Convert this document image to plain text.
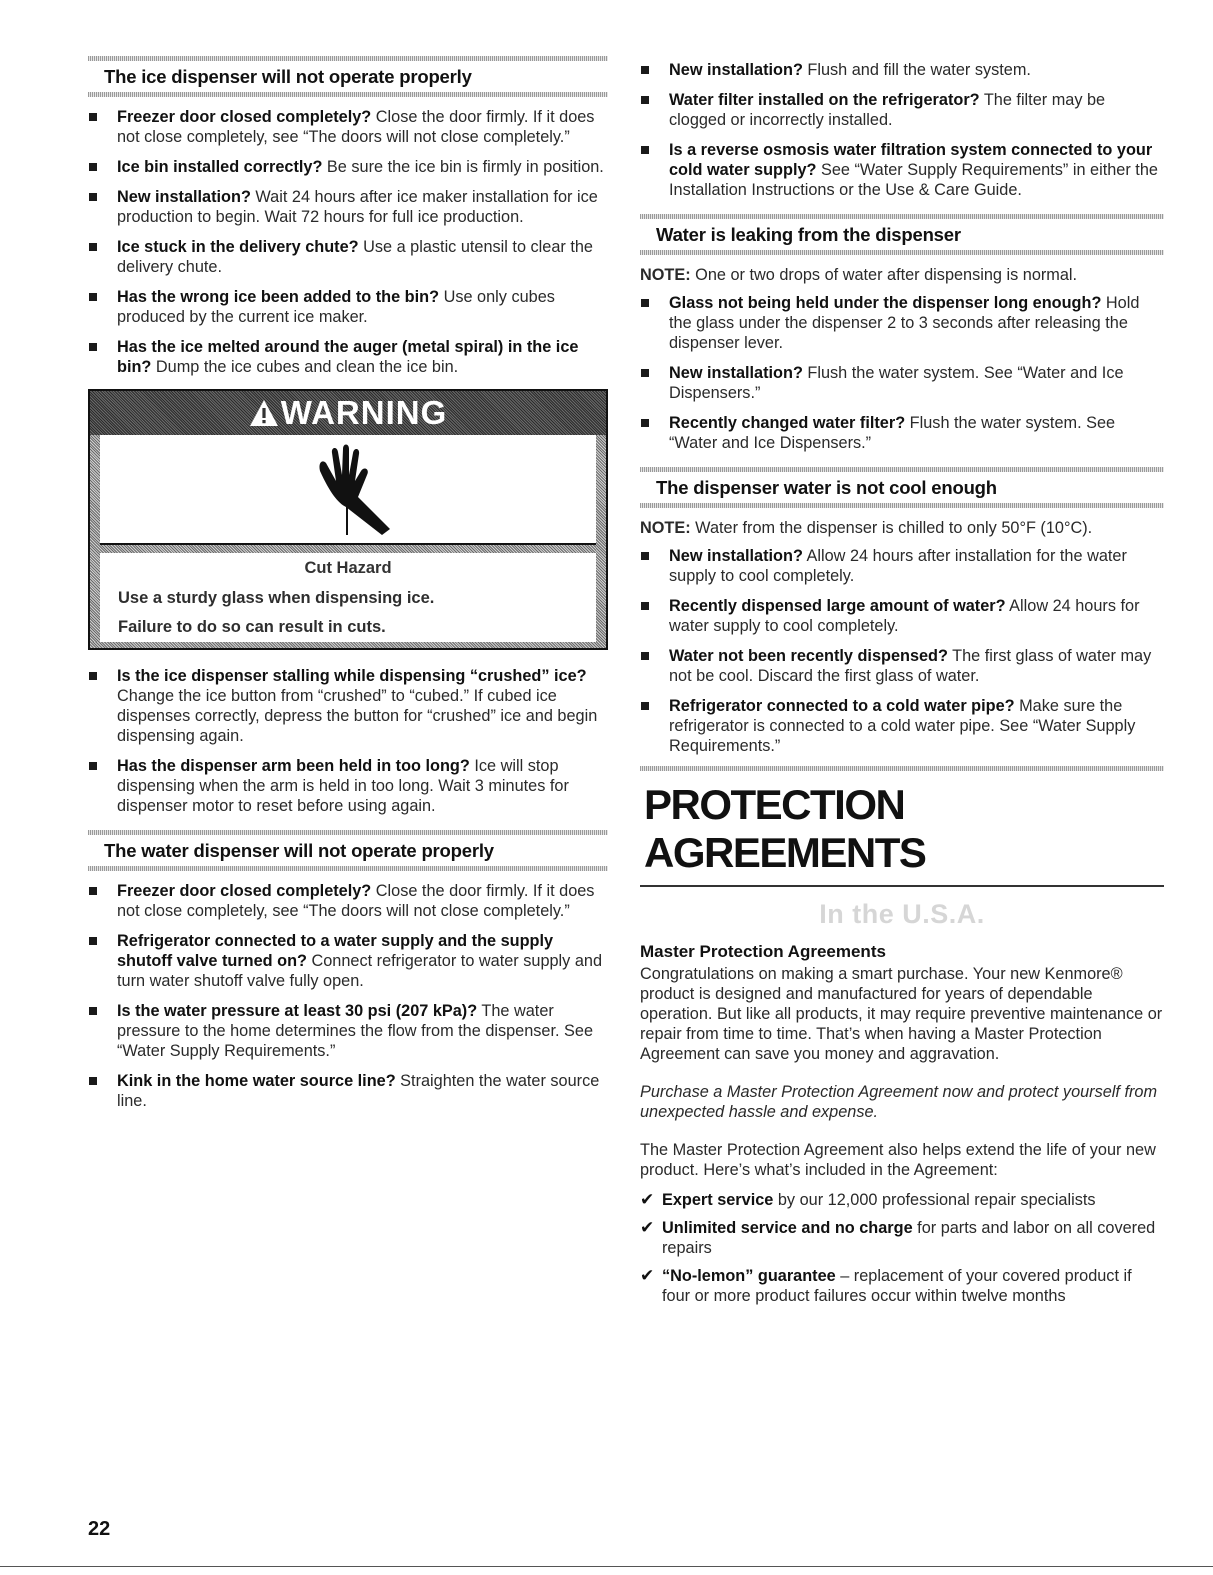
The ice dispenser will not operate properly
Freezer door closed completely? Close the door firmly. If it does not close completely, see “The doors will not close completely.”
Ice bin installed correctly? Be sure the ice bin is firmly in position.
New installation? Wait 24 hours after ice maker installation for ice production to begin. Wait 72 hours for full ice production.
Ice stuck in the delivery chute? Use a plastic utensil to clear the delivery chute.
Has the wrong ice been added to the bin? Use only cubes produced by the current ice maker.
Has the ice melted around the auger (metal spiral) in the ice bin? Dump the ice cubes and clean the ice bin.
WARNING
Cut Hazard
Use a sturdy glass when dispensing ice.
Failure to do so can result in cuts.
Is the ice dispenser stalling while dispensing “crushed” ice? Change the ice button from “crushed” to “cubed.” If cubed ice dispenses correctly, depress the button for “crushed” ice and begin dispensing again.
Has the dispenser arm been held in too long? Ice will stop dispensing when the arm is held in too long. Wait 3 minutes for dispenser motor to reset before using again.
The water dispenser will not operate properly
Freezer door closed completely? Close the door firmly. If it does not close completely, see “The doors will not close completely.”
Refrigerator connected to a water supply and the supply shutoff valve turned on? Connect refrigerator to water supply and turn water shutoff valve fully open.
Is the water pressure at least 30 psi (207 kPa)? The water pressure to the home determines the flow from the dispenser. See “Water Supply Requirements.”
Kink in the home water source line? Straighten the water source line.
New installation? Flush and fill the water system.
Water filter installed on the refrigerator? The filter may be clogged or incorrectly installed.
Is a reverse osmosis water filtration system connected to your cold water supply? See “Water Supply Requirements” in either the Installation Instructions or the Use & Care Guide.
Water is leaking from the dispenser

NOTE: One or two drops of water after dispensing is normal.

Glass not being held under the dispenser long enough? Hold the glass under the dispenser 2 to 3 seconds after releasing the dispenser lever.
New installation? Flush the water system. See “Water and Ice Dispensers.”
Recently changed water filter? Flush the water system. See “Water and Ice Dispensers.”
The dispenser water is not cool enough

NOTE: Water from the dispenser is chilled to only 50°F (10°C).

New installation? Allow 24 hours after installation for the water supply to cool completely.
Recently dispensed large amount of water? Allow 24 hours for water supply to cool completely.
Water not been recently dispensed? The first glass of water may not be cool. Discard the first glass of water.
Refrigerator connected to a cold water pipe? Make sure the refrigerator is connected to a cold water pipe. See “Water Supply Requirements.”
PROTECTION AGREEMENTS
In the U.S.A.
Master Protection Agreements

Congratulations on making a smart purchase. Your new Kenmore® product is designed and manufactured for years of dependable operation. But like all products, it may require preventive maintenance or repair from time to time. That’s when having a Master Protection Agreement can save you money and aggravation.

Purchase a Master Protection Agreement now and protect yourself from unexpected hassle and expense.

The Master Protection Agreement also helps extend the life of your new product. Here’s what’s included in the Agreement:

✔ Expert service by our 12,000 professional repair specialists
✔ Unlimited service and no charge for parts and labor on all covered repairs
✔ “No-lemon” guarantee – replacement of your covered product if four or more product failures occur within twelve months
22
